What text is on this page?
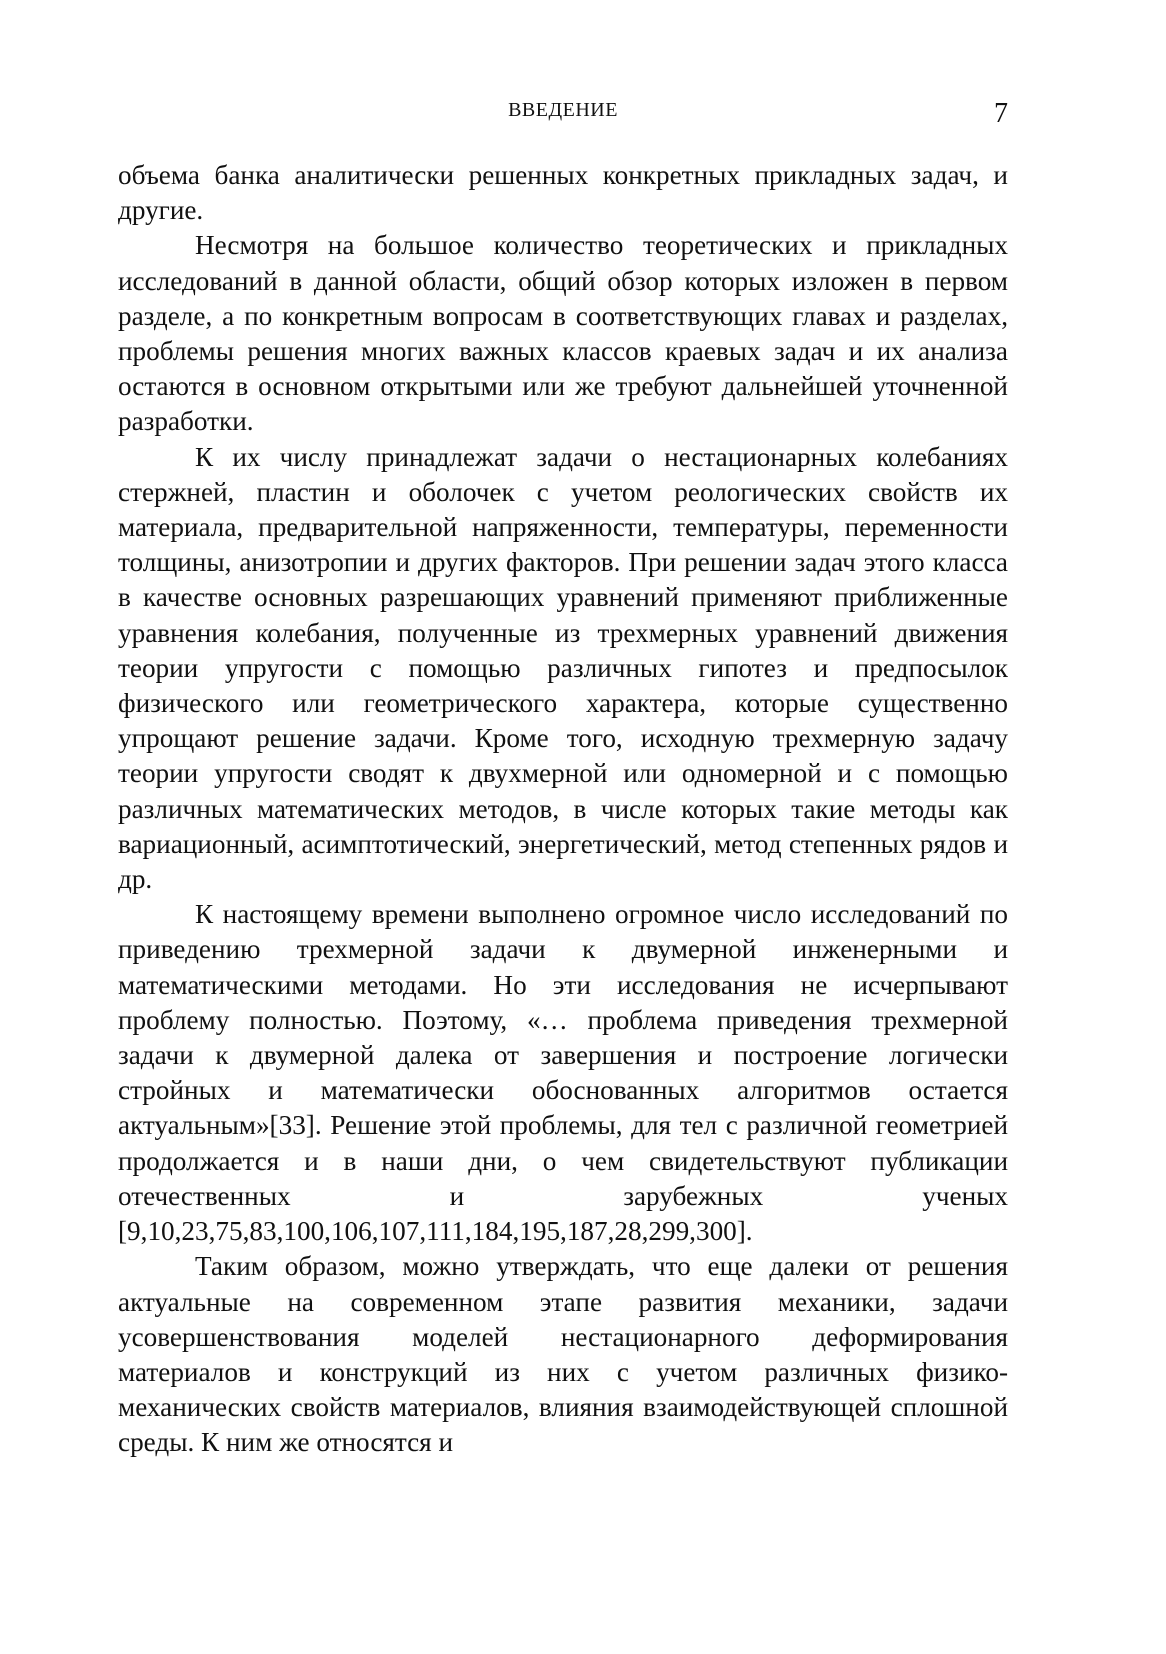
ВВЕДЕНИЕ	7

объема банка аналитически решенных конкретных прикладных задач, и другие.

Несмотря на большое количество теоретических и прикладных исследований в данной области, общий обзор которых изложен в первом разделе, а по конкретным вопросам в соответствующих главах и разделах, проблемы решения многих важных классов краевых задач и их анализа остаются в основном открытыми или же требуют дальнейшей уточненной разработки.

К их числу принадлежат задачи о нестационарных колебаниях стержней, пластин и оболочек с учетом реологических свойств их материала, предварительной напряженности, температуры, переменности толщины, анизотропии и других факторов. При решении задач этого класса в качестве основных разрешающих уравнений применяют приближенные уравнения колебания, полученные из трехмерных уравнений движения теории упругости с помощью различных гипотез и предпосылок физического или геометрического характера, которые существенно упрощают решение задачи. Кроме того, исходную трехмерную задачу теории упругости сводят к двухмерной или одномерной и с помощью различных математических методов, в числе которых такие методы как вариационный, асимптотический, энергетический, метод степенных рядов и др.

К настоящему времени выполнено огромное число исследований по приведению трехмерной задачи к двумерной инженерными и математическими методами. Но эти исследования не исчерпывают проблему полностью. Поэтому, «… проблема приведения трехмерной задачи к двумерной далека от завершения и построение логически стройных и математически обоснованных алгоритмов остается актуальным»[33]. Решение этой проблемы, для тел с различной геометрией продолжается и в наши дни, о чем свидетельствуют публикации отечественных и зарубежных ученых [9,10,23,75,83,100,106,107,111,184,195,187,28,299,300].

Таким образом, можно утверждать, что еще далеки от решения актуальные на современном этапе развития механики, задачи усовершенствования моделей нестационарного деформирования материалов и конструкций из них с учетом различных физико-механических свойств материалов, влияния взаимодействующей сплошной среды. К ним же относятся и
